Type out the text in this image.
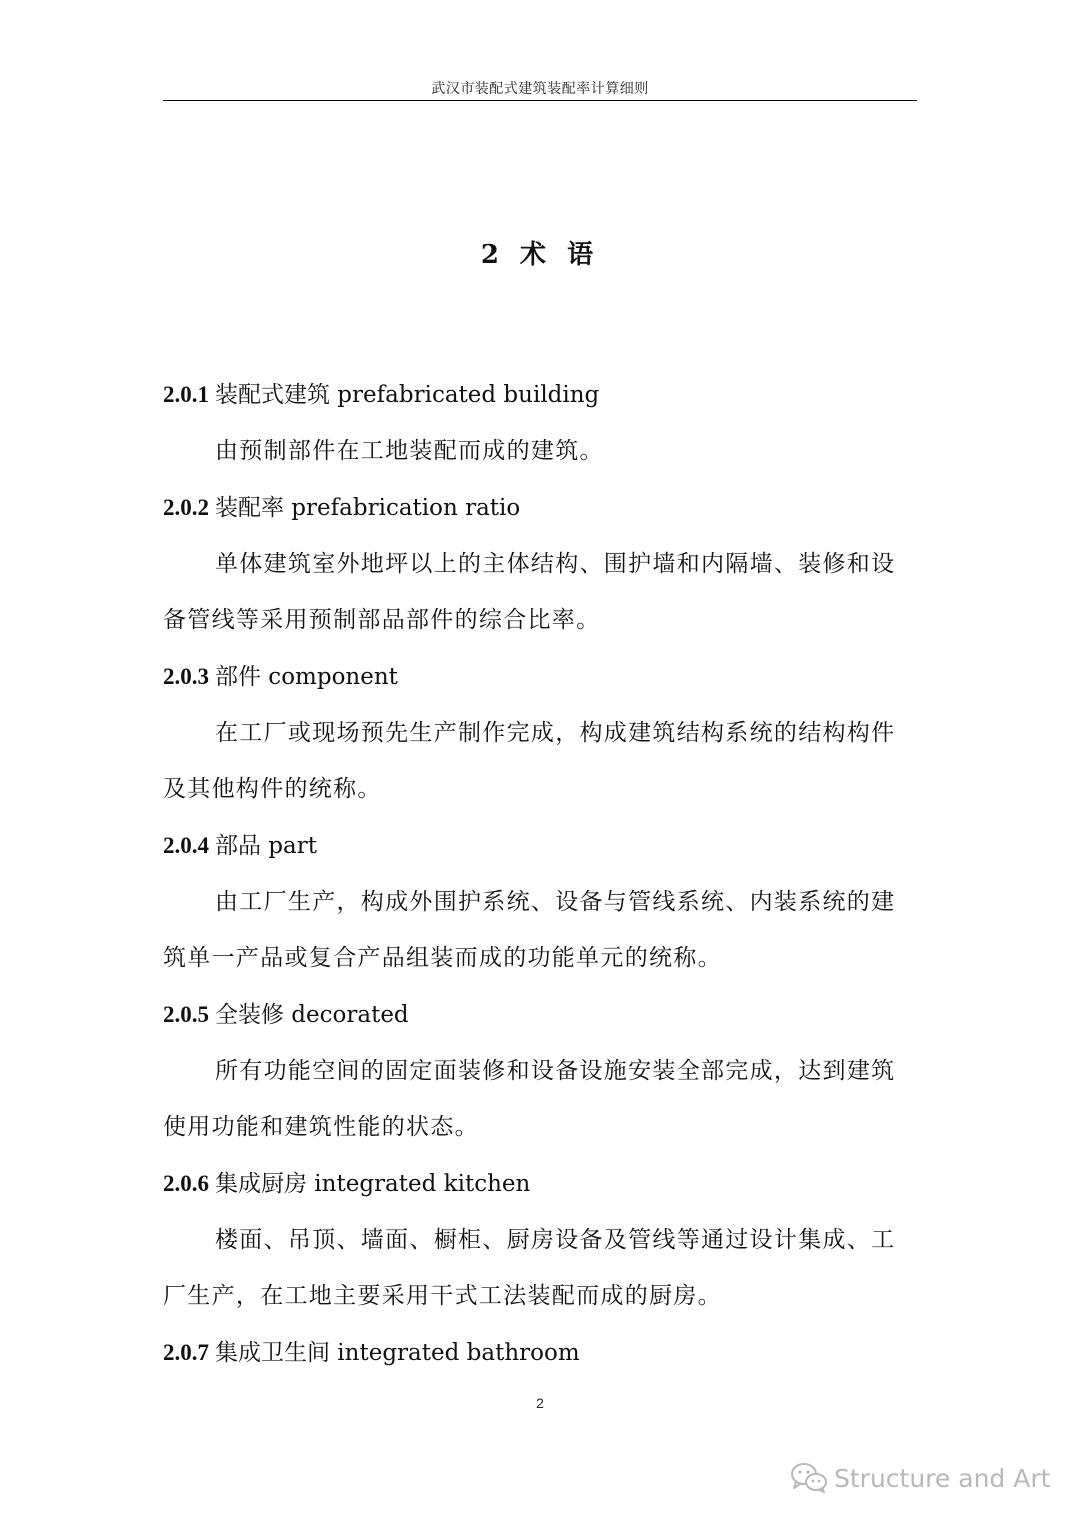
武汉市装配式建筑装配率计算细则
2 术 语
2.0.1 装配式建筑 prefabricated building
由预制部件在工地装配而成的建筑。
2.0.2 装配率 prefabrication ratio
单体建筑室外地坪以上的主体结构、围护墙和内隔墙、装修和设备管线等采用预制部品部件的综合比率。
2.0.3 部件 component
在工厂或现场预先生产制作完成，构成建筑结构系统的结构构件及其他构件的统称。
2.0.4 部品 part
由工厂生产，构成外围护系统、设备与管线系统、内装系统的建筑单一产品或复合产品组装而成的功能单元的统称。
2.0.5 全装修 decorated
所有功能空间的固定面装修和设备设施安装全部完成，达到建筑使用功能和建筑性能的状态。
2.0.6 集成厨房 integrated kitchen
楼面、吊顶、墙面、橱柜、厨房设备及管线等通过设计集成、工厂生产，在工地主要采用干式工法装配而成的厨房。
2.0.7 集成卫生间 integrated bathroom
2
Structure and Art
